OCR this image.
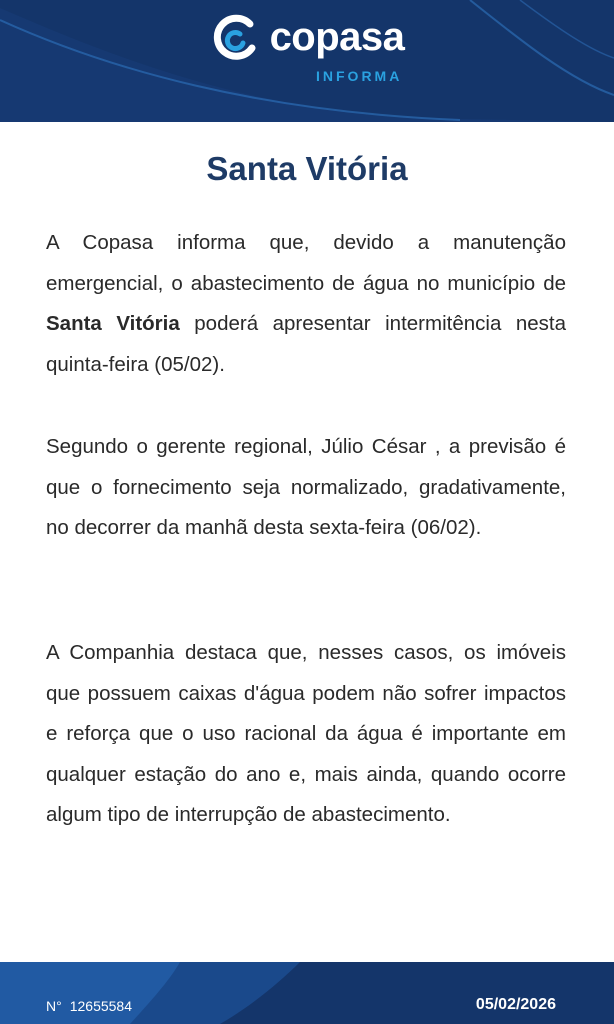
copasa
INFORMA
Santa Vitória

A Copasa informa que, devido a manutenção emergencial, o abastecimento de água no município de Santa Vitória poderá apresentar intermitência nesta quinta-feira (05/02).

Segundo o gerente regional, Júlio César , a previsão é que o fornecimento seja normalizado, gradativamente, no decorrer da manhã desta sexta-feira (06/02).

A Companhia destaca que, nesses casos, os imóveis que possuem caixas d'água podem não sofrer impactos e reforça que o uso racional da água é importante em qualquer estação do ano e, mais ainda, quando ocorre algum tipo de interrupção de abastecimento.

N° 12655584	05/02/2026
